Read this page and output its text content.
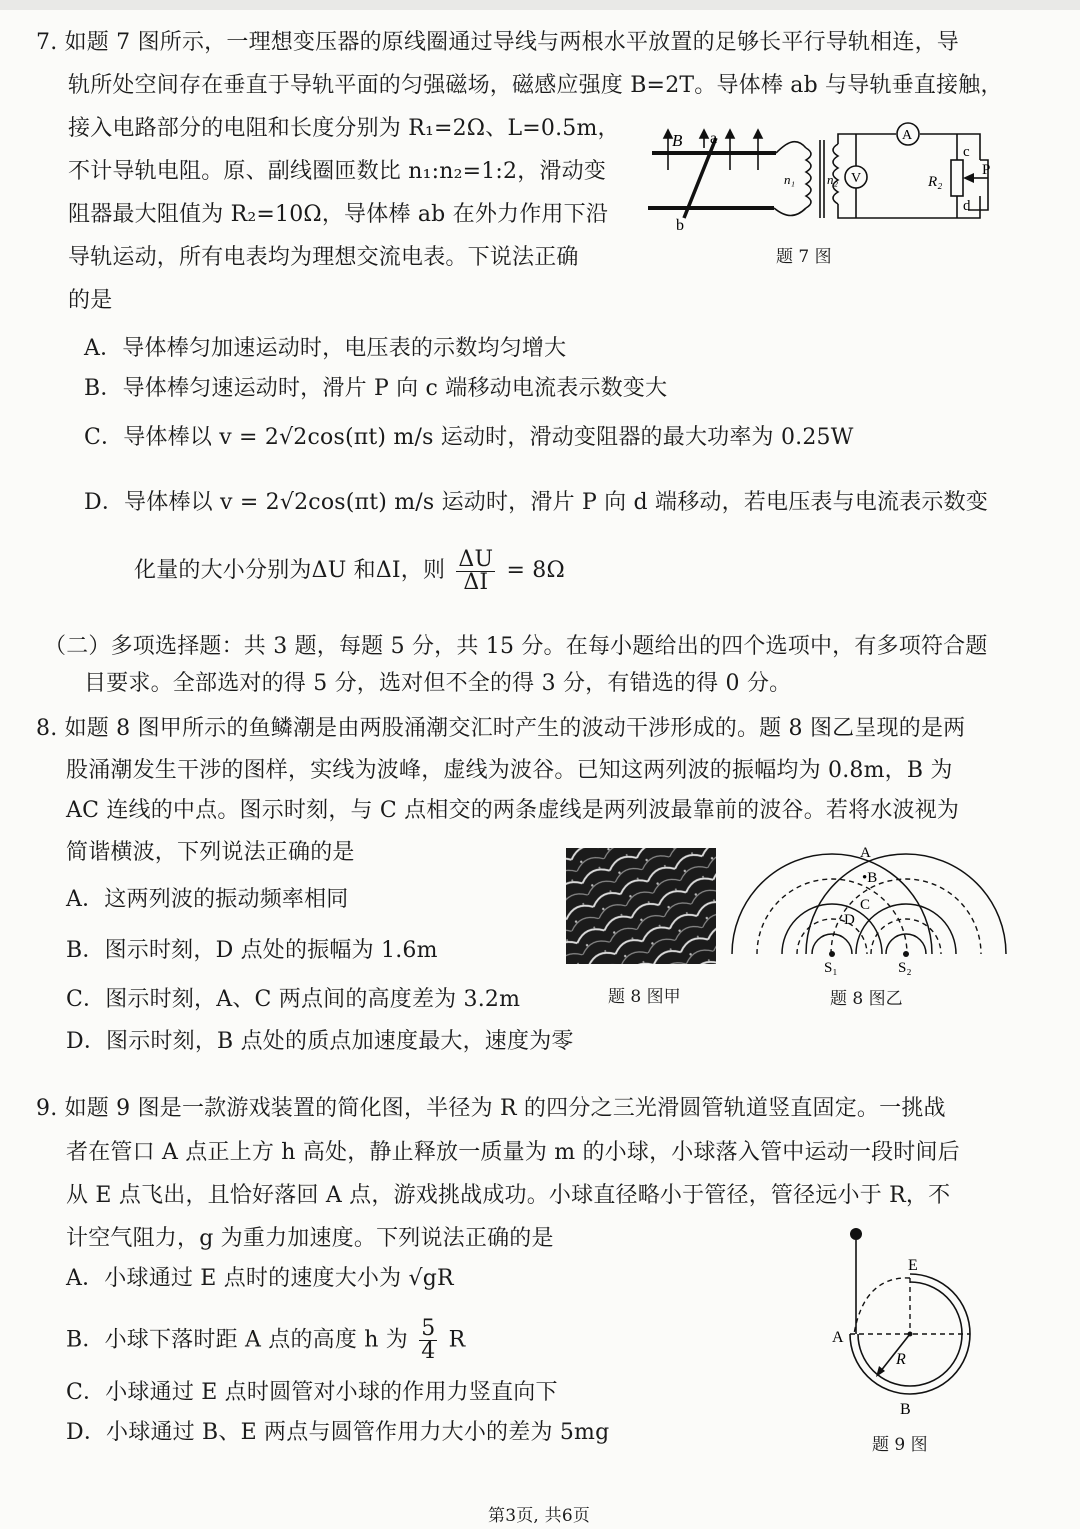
7. 如题 7 图所示，一理想变压器的原线圈通过导线与两根水平放置的足够长平行导轨相连，导
轨所处空间存在垂直于导轨平面的匀强磁场，磁感应强度 B=2T。导体棒 ab 与导轨垂直接触，
接入电路部分的电阻和长度分别为 R₁=2Ω、L=0.5m，
不计导轨电阻。原、副线圈匝数比 n₁:n₂=1:2，滑动变
阻器最大阻值为 R₂=10Ω，导体棒 ab 在外力作用下沿
导轨运动，所有电表均为理想交流电表。下说法正确
的是
A．导体棒匀加速运动时，电压表的示数均匀增大
B．导体棒匀速运动时，滑片 P 向 c 端移动电流表示数变大
C．导体棒以 v = 2√2cos(πt) m/s 运动时，滑动变阻器的最大功率为 0.25W
D．导体棒以 v = 2√2cos(πt) m/s 运动时，滑片 P 向 d 端移动，若电压表与电流表示数变
化量的大小分别为ΔU 和ΔI，则 $\frac{\Delta U}{\Delta I} = 8\Omega$
B a
b
n₁ n₂ V
A
R₂
c
d
P
题 7 图
（二）多项选择题：共 3 题，每题 5 分，共 15 分。在每小题给出的四个选项中，有多项符合题
目要求。全部选对的得 5 分，选对但不全的得 3 分，有错选的得 0 分。
8. 如题 8 图甲所示的鱼鳞潮是由两股涌潮交汇时产生的波动干涉形成的。题 8 图乙呈现的是两
股涌潮发生干涉的图样，实线为波峰，虚线为波谷。已知这两列波的振幅均为 0.8m，B 为
AC 连线的中点。图示时刻，与 C 点相交的两条虚线是两列波最靠前的波谷。若将水波视为
简谐横波，下列说法正确的是
A．这两列波的振动频率相同
B．图示时刻，D 点处的振幅为 1.6m
C．图示时刻，A、C 两点间的高度差为 3.2m
D．图示时刻，B 点处的质点加速度最大，速度为零
题 8 图甲
A
•B
C
D
S₁	S₂
题 8 图乙
9. 如题 9 图是一款游戏装置的简化图，半径为 R 的四分之三光滑圆管轨道竖直固定。一挑战
者在管口 A 点正上方 h 高处，静止释放一质量为 m 的小球，小球落入管中运动一段时间后
从 E 点飞出，且恰好落回 A 点，游戏挑战成功。小球直径略小于管径，管径远小于 R，不
计空气阻力，g 为重力加速度。下列说法正确的是
A．小球通过 E 点时的速度大小为 √gR
B．小球下落时距 A 点的高度 h 为 $\frac{5}{4}$ R
C．小球通过 E 点时圆管对小球的作用力竖直向下
D．小球通过 B、E 两点与圆管作用力大小的差为 5mg
E
A
B
R
题 9 图
第3页, 共6页
